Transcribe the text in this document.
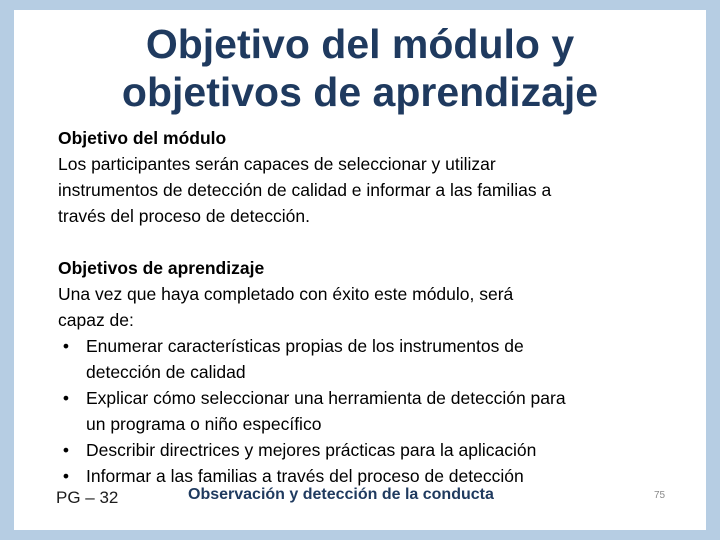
Objetivo del módulo y
objetivos de aprendizaje

Objetivo del módulo

Los participantes serán capaces de seleccionar y utilizar

instrumentos de detección de calidad e informar a las familias a

través del proceso de detección.

Objetivos de aprendizaje

Una vez que haya completado con éxito este módulo, será

capaz de:

• Enumerar características propias de los instrumentos de
detección de calidad
• Explicar cómo seleccionar una herramienta de detección para
un programa o niño específico
• Describir directrices y mejores prácticas para la aplicación
• Informar a las familias a través del proceso de detección
PG – 32	Observación y detección de la conducta	75
